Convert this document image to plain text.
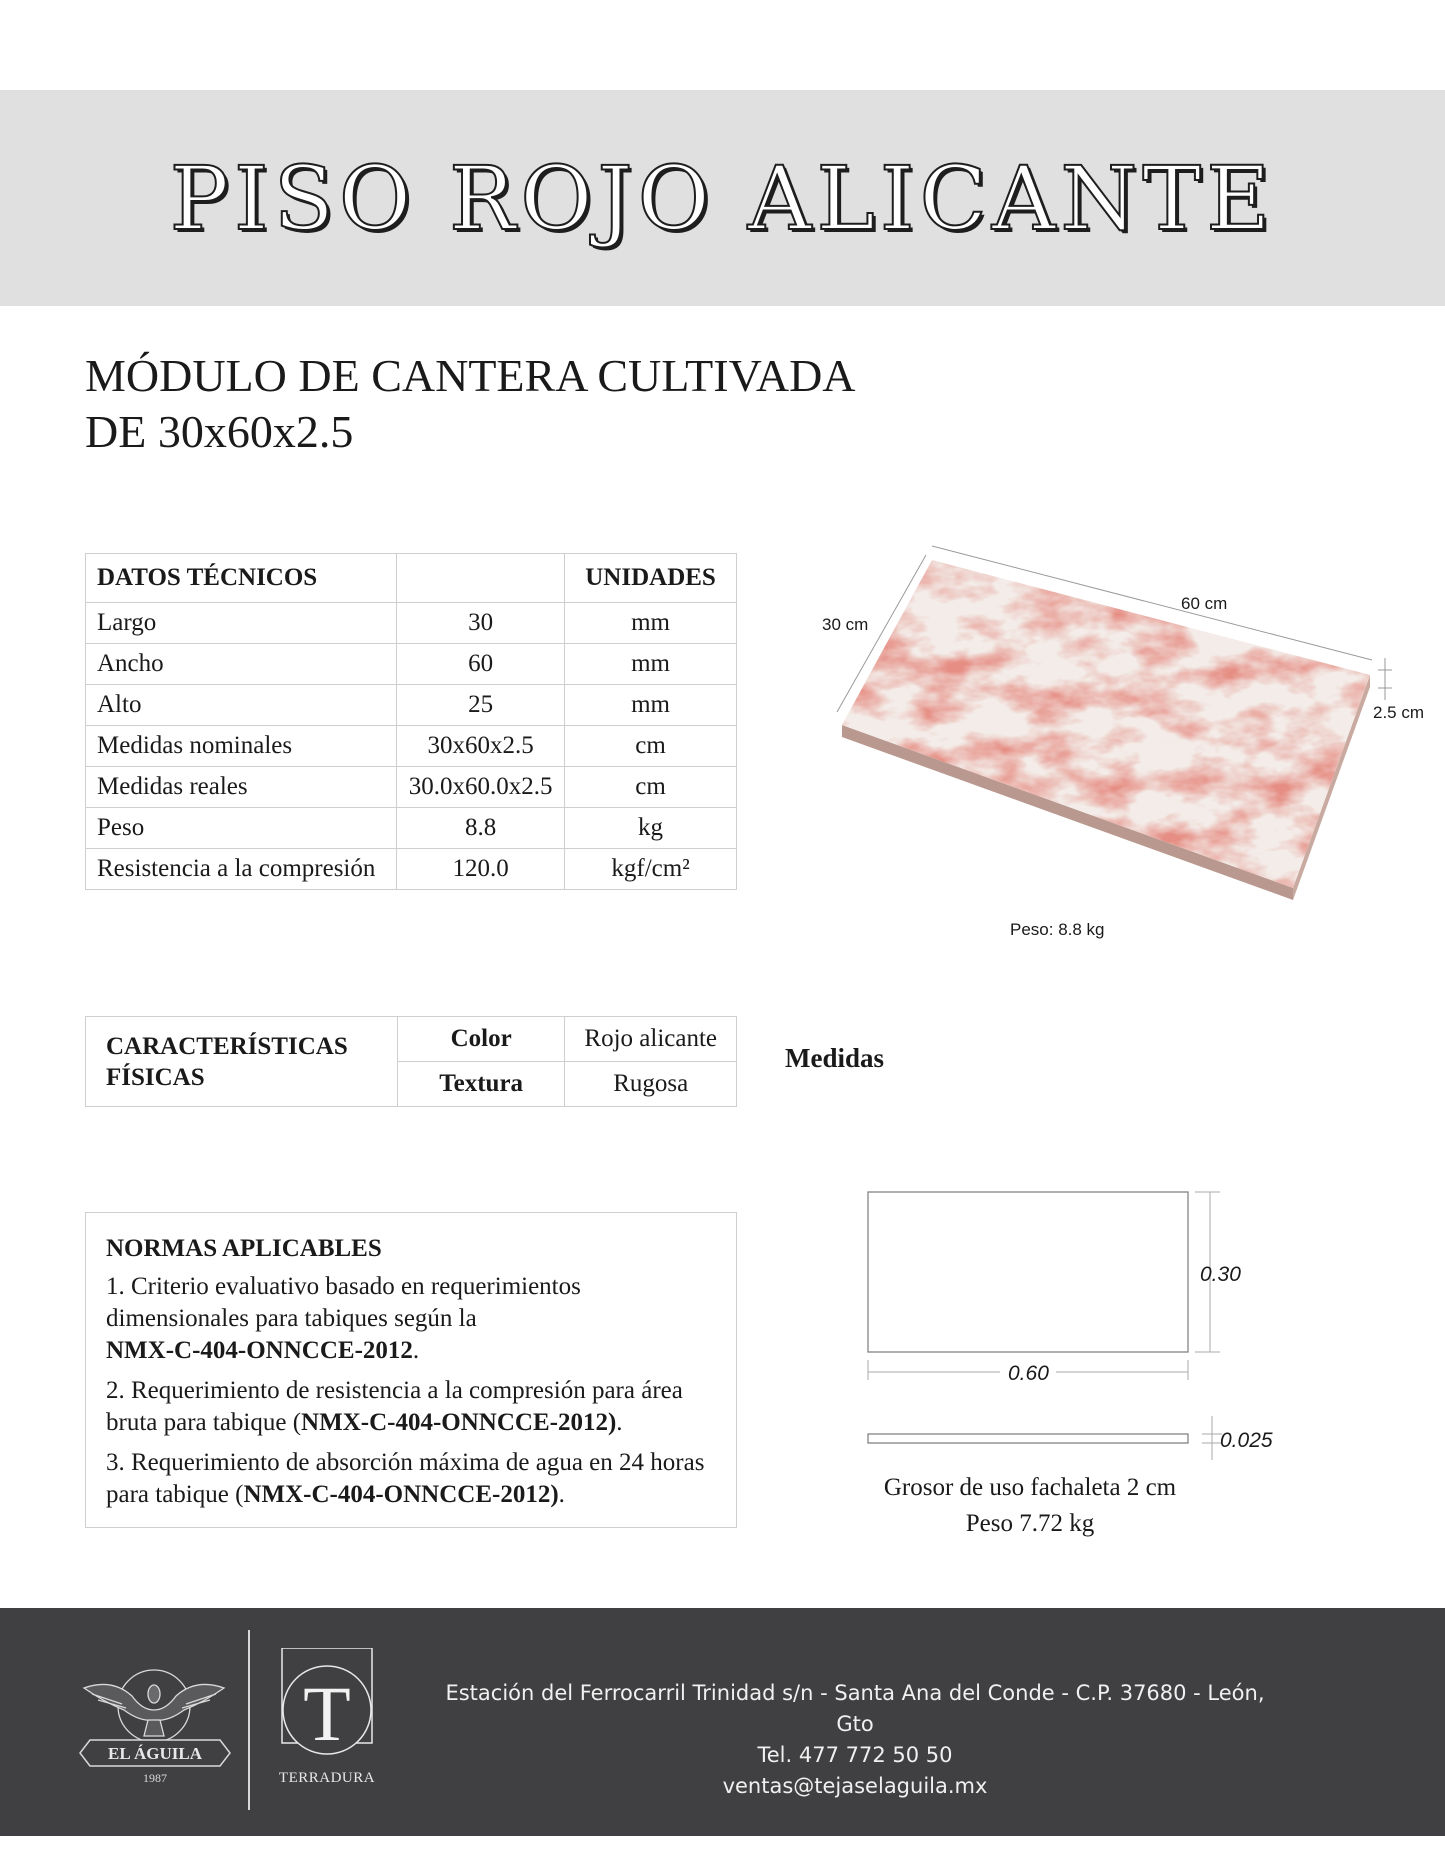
PISO ROJO ALICANTE
MÓDULO DE CANTERA CULTIVADA
DE 30x60x2.5
DATOS TÉCNICOS		UNIDADES
Largo	30	mm
Ancho	60	mm
Alto	25	mm
Medidas nominales	30x60x2.5	cm
Medidas reales	30.0x60.0x2.5	cm
Peso	8.8	kg
Resistencia a la compresión	120.0	kgf/cm²
30 cm
60 cm
2.5 cm
Peso: 8.8 kg
CARACTERÍSTICAS
FÍSICAS	Color	Rojo alicante
	Textura	Rugosa
Medidas
0.30
0.60
0.025
Grosor de uso fachaleta 2 cm
Peso 7.72 kg
NORMAS APLICABLES
1. Criterio evaluativo basado en requerimientos dimensionales para tabiques según la
NMX-C-404-ONNCCE-2012.
2. Requerimiento de resistencia a la compresión para área bruta para tabique (NMX-C-404-ONNCCE-2012).
3. Requerimiento de absorción máxima de agua en 24 horas para tabique (NMX-C-404-ONNCCE-2012).
EL ÁGUILA
1987
T
TERRADURA
Estación del Ferrocarril Trinidad s/n - Santa Ana del Conde - C.P. 37680 - León, Gto
Tel. 477 772 50 50
ventas@tejaselaguila.mx
